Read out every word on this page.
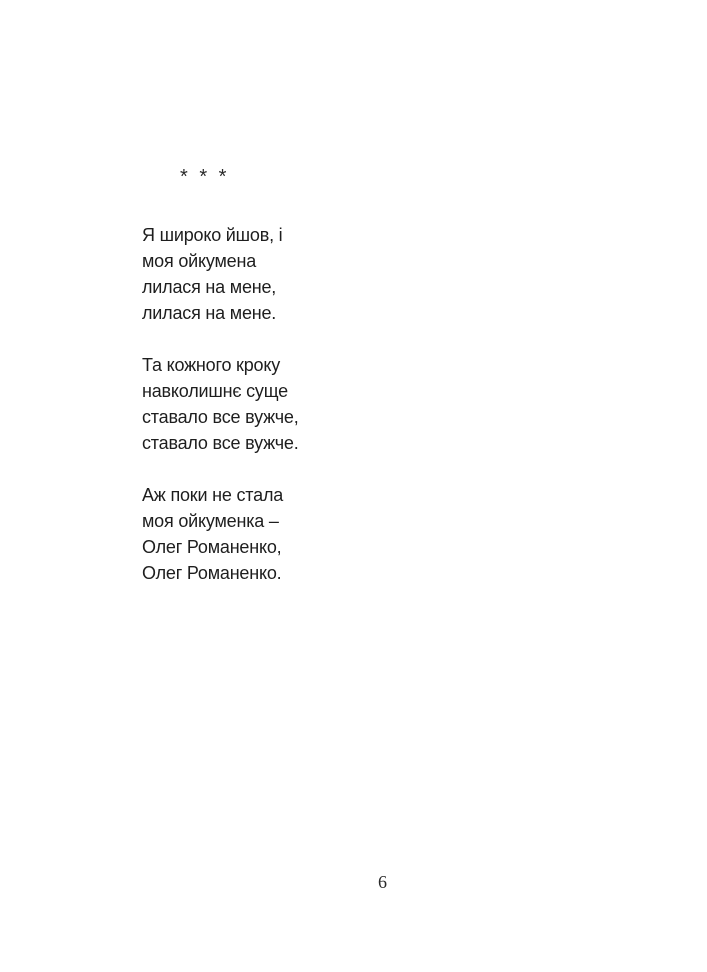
* * *
Я широко йшов, і
моя ойкумена
лилася на мене,
лилася на мене.
Та кожного кроку
навколишнє суще
ставало все вужче,
ставало все вужче.
Аж поки не стала
моя ойкуменка –
Олег Романенко,
Олег Романенко.
6
